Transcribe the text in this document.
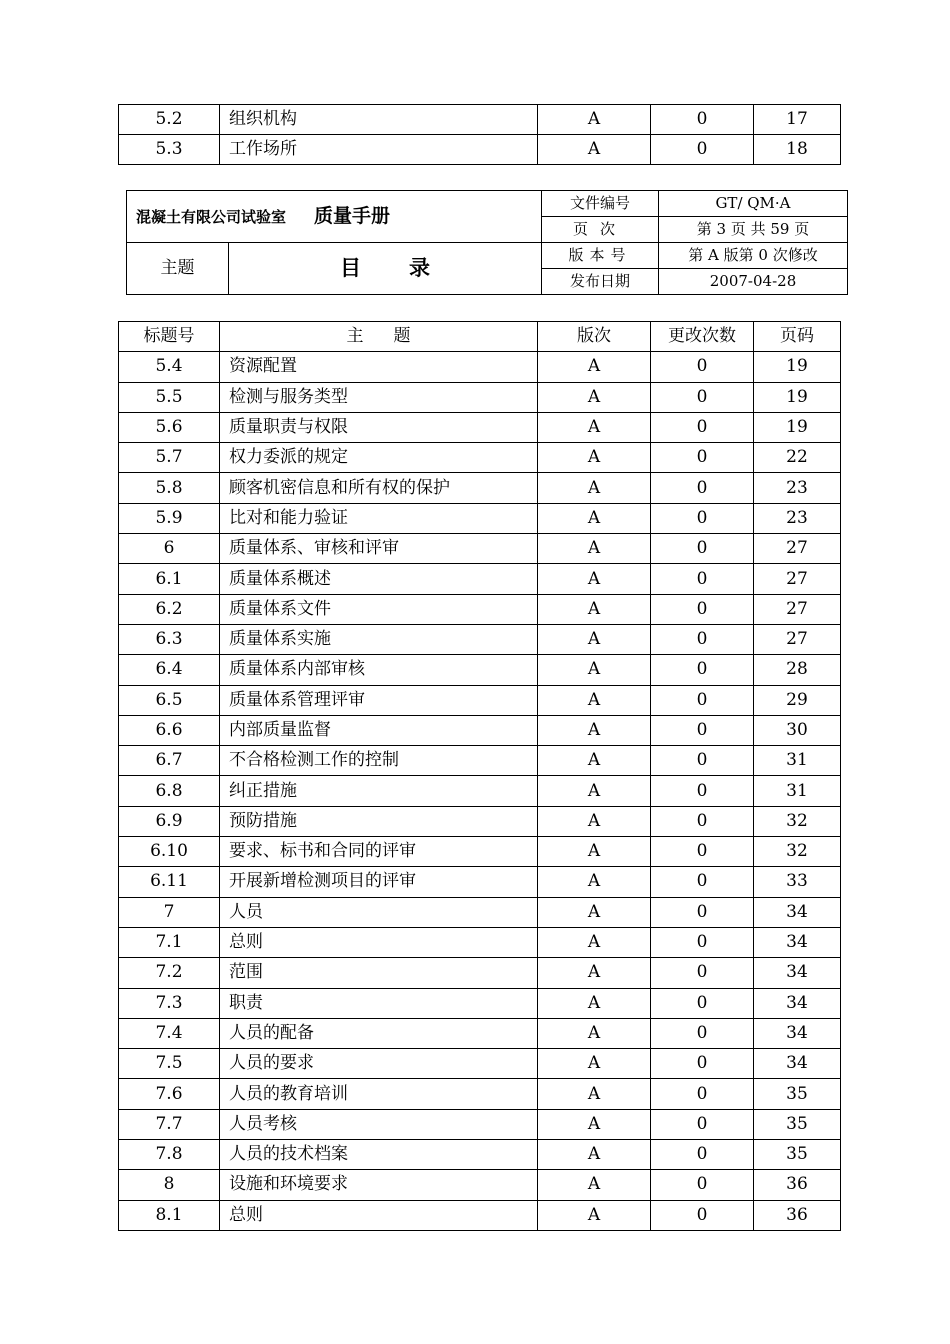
5.2	组织机构	A	0	17
5.3	工作场所	A	0	18
混凝土有限公司试验室 质量手册		文件编号	GT/ QM·A
		页次	第 3 页 共 59 页
主题	目录	版本号	第 A 版第 0 次修改
		发布日期	2007-04-28
标题号	主题	版次	更改次数	页码
5.4	资源配置	A	0	19
5.5	检测与服务类型	A	0	19
5.6	质量职责与权限	A	0	19
5.7	权力委派的规定	A	0	22
5.8	顾客机密信息和所有权的保护	A	0	23
5.9	比对和能力验证	A	0	23
6	质量体系、审核和评审	A	0	27
6.1	质量体系概述	A	0	27
6.2	质量体系文件	A	0	27
6.3	质量体系实施	A	0	27
6.4	质量体系内部审核	A	0	28
6.5	质量体系管理评审	A	0	29
6.6	内部质量监督	A	0	30
6.7	不合格检测工作的控制	A	0	31
6.8	纠正措施	A	0	31
6.9	预防措施	A	0	32
6.10	要求、标书和合同的评审	A	0	32
6.11	开展新增检测项目的评审	A	0	33
7	人员	A	0	34
7.1	总则	A	0	34
7.2	范围	A	0	34
7.3	职责	A	0	34
7.4	人员的配备	A	0	34
7.5	人员的要求	A	0	34
7.6	人员的教育培训	A	0	35
7.7	人员考核	A	0	35
7.8	人员的技术档案	A	0	35
8	设施和环境要求	A	0	36
8.1	总则	A	0	36
